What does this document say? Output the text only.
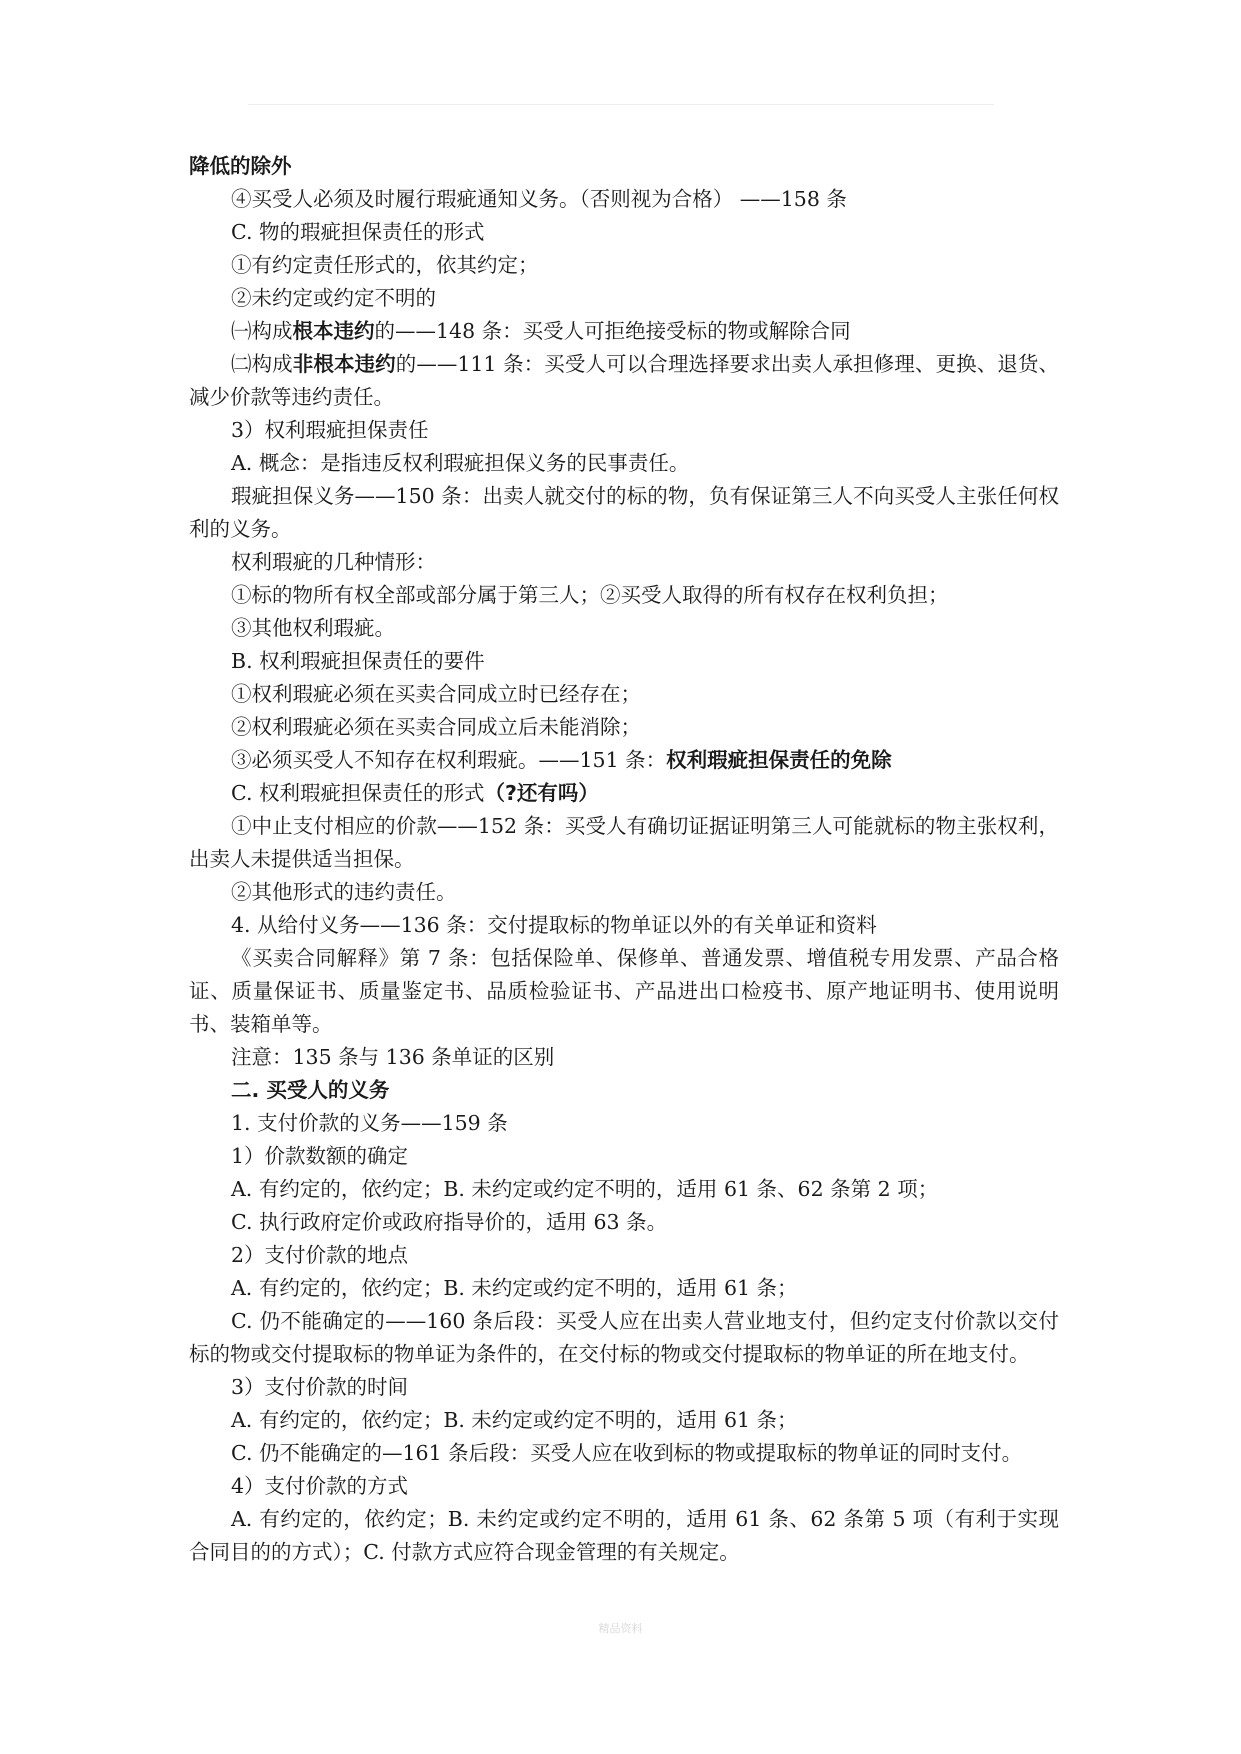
降低的除外
④买受人必须及时履行瑕疵通知义务。（否则视为合格） ——158 条
C. 物的瑕疵担保责任的形式
①有约定责任形式的，依其约定；
②未约定或约定不明的
㈠构成根本违约的——148 条：买受人可拒绝接受标的物或解除合同
㈡构成非根本违约的——111 条：买受人可以合理选择要求出卖人承担修理、更换、退货、减少价款等违约责任。
3）权利瑕疵担保责任
A. 概念：是指违反权利瑕疵担保义务的民事责任。
瑕疵担保义务——150 条：出卖人就交付的标的物，负有保证第三人不向买受人主张任何权利的义务。
权利瑕疵的几种情形：
①标的物所有权全部或部分属于第三人；②买受人取得的所有权存在权利负担；
③其他权利瑕疵。
B. 权利瑕疵担保责任的要件
①权利瑕疵必须在买卖合同成立时已经存在；
②权利瑕疵必须在买卖合同成立后未能消除；
③必须买受人不知存在权利瑕疵。——151 条：权利瑕疵担保责任的免除
C. 权利瑕疵担保责任的形式（?还有吗）
①中止支付相应的价款——152 条：买受人有确切证据证明第三人可能就标的物主张权利，出卖人未提供适当担保。
②其他形式的违约责任。
4. 从给付义务——136 条：交付提取标的物单证以外的有关单证和资料
《买卖合同解释》第 7 条：包括保险单、保修单、普通发票、增值税专用发票、产品合格证、质量保证书、质量鉴定书、品质检验证书、产品进出口检疫书、原产地证明书、使用说明书、装箱单等。
注意：135 条与 136 条单证的区别
二. 买受人的义务
1. 支付价款的义务——159 条
1）价款数额的确定
A. 有约定的，依约定；B. 未约定或约定不明的，适用 61 条、62 条第 2 项；
C. 执行政府定价或政府指导价的，适用 63 条。
2）支付价款的地点
A. 有约定的，依约定；B. 未约定或约定不明的，适用 61 条；
C. 仍不能确定的——160 条后段：买受人应在出卖人营业地支付，但约定支付价款以交付标的物或交付提取标的物单证为条件的，在交付标的物或交付提取标的物单证的所在地支付。
3）支付价款的时间
A. 有约定的，依约定；B. 未约定或约定不明的，适用 61 条；
C. 仍不能确定的—161 条后段：买受人应在收到标的物或提取标的物单证的同时支付。
4）支付价款的方式
A. 有约定的，依约定；B. 未约定或约定不明的，适用 61 条、62 条第 5 项（有利于实现合同目的的方式）；C. 付款方式应符合现金管理的有关规定。
精品资料
